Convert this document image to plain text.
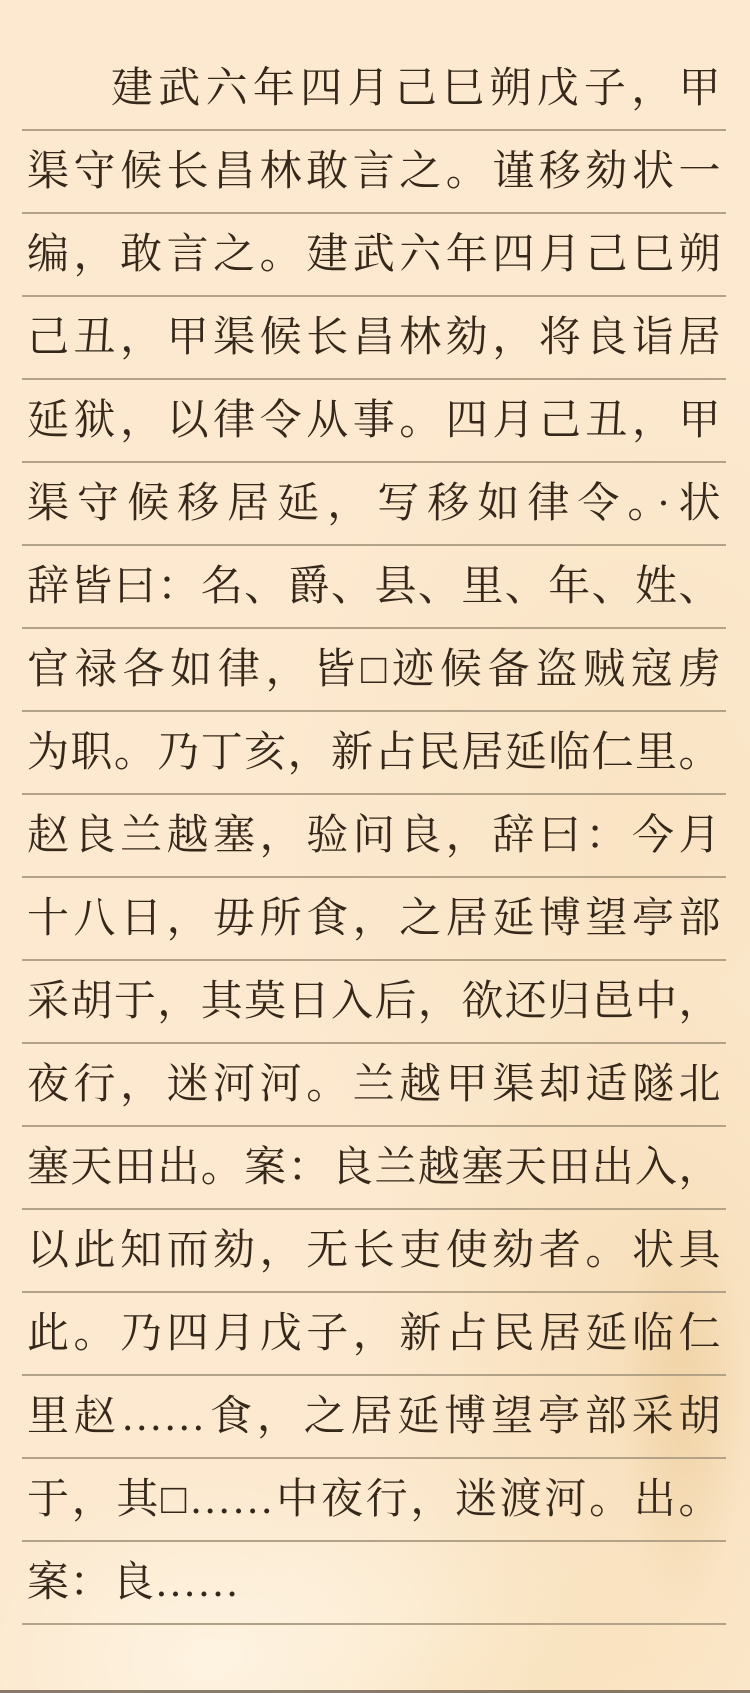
建武六年四月己巳朔戊子，甲
渠守候长昌林敢言之。谨移劾状一
编，敢言之。建武六年四月己巳朔
己丑，甲渠候长昌林劾，将良诣居
延狱，以律令从事。四月己丑，甲
渠守候移居延，写移如律令。·状
辞皆曰：名、爵、县、里、年、姓、
官禄各如律，皆□迹候备盗贼寇虏
为职。乃丁亥，新占民居延临仁里。
赵良兰越塞，验问良，辞曰：今月
十八日，毋所食，之居延博望亭部
采胡于，其莫日入后，欲还归邑中，
夜行，迷河河。兰越甲渠却适隧北
塞天田出。案：良兰越塞天田出入，
以此知而劾，无长吏使劾者。状具
此。乃四月戊子，新占民居延临仁
里赵……食，之居延博望亭部采胡
于，其□……中夜行，迷渡河。出。
案：良……
